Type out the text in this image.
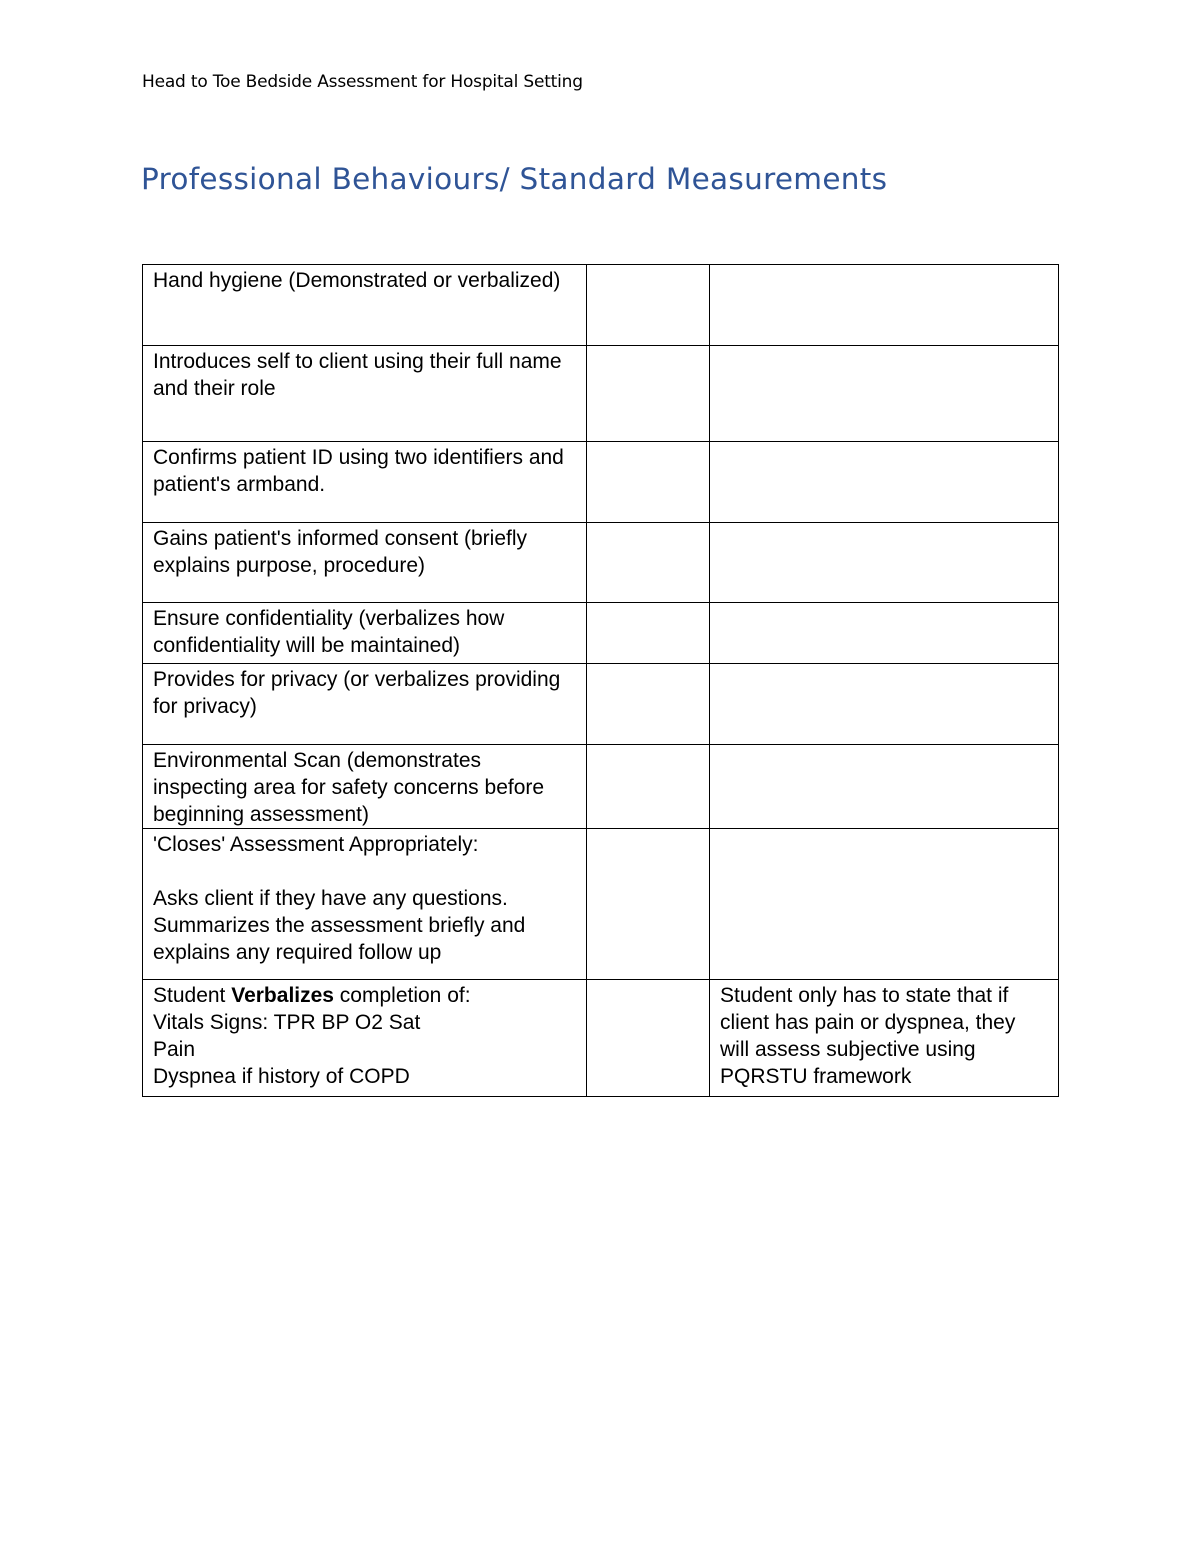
Head to Toe Bedside Assessment for Hospital Setting
Professional Behaviours/ Standard Measurements
Hand hygiene (Demonstrated or verbalized)		
Introduces self to client using their full name and their role		
Confirms patient ID using two identifiers and patient's armband.		
Gains patient's informed consent (briefly explains purpose, procedure)		
Ensure confidentiality (verbalizes how confidentiality will be maintained)		
Provides for privacy (or verbalizes providing for privacy)		
Environmental Scan (demonstrates inspecting area for safety concerns before beginning assessment)		

'Closes' Assessment Appropriately:
Asks client if they have any questions.
Summarizes the assessment briefly and explains any required follow up		

Student Verbalizes completion of:
Vitals Signs: TPR BP O2 Sat
Pain
Dyspnea if history of COPD		Student only has to state that if client has pain or dyspnea, they will assess subjective using PQRSTU framework
